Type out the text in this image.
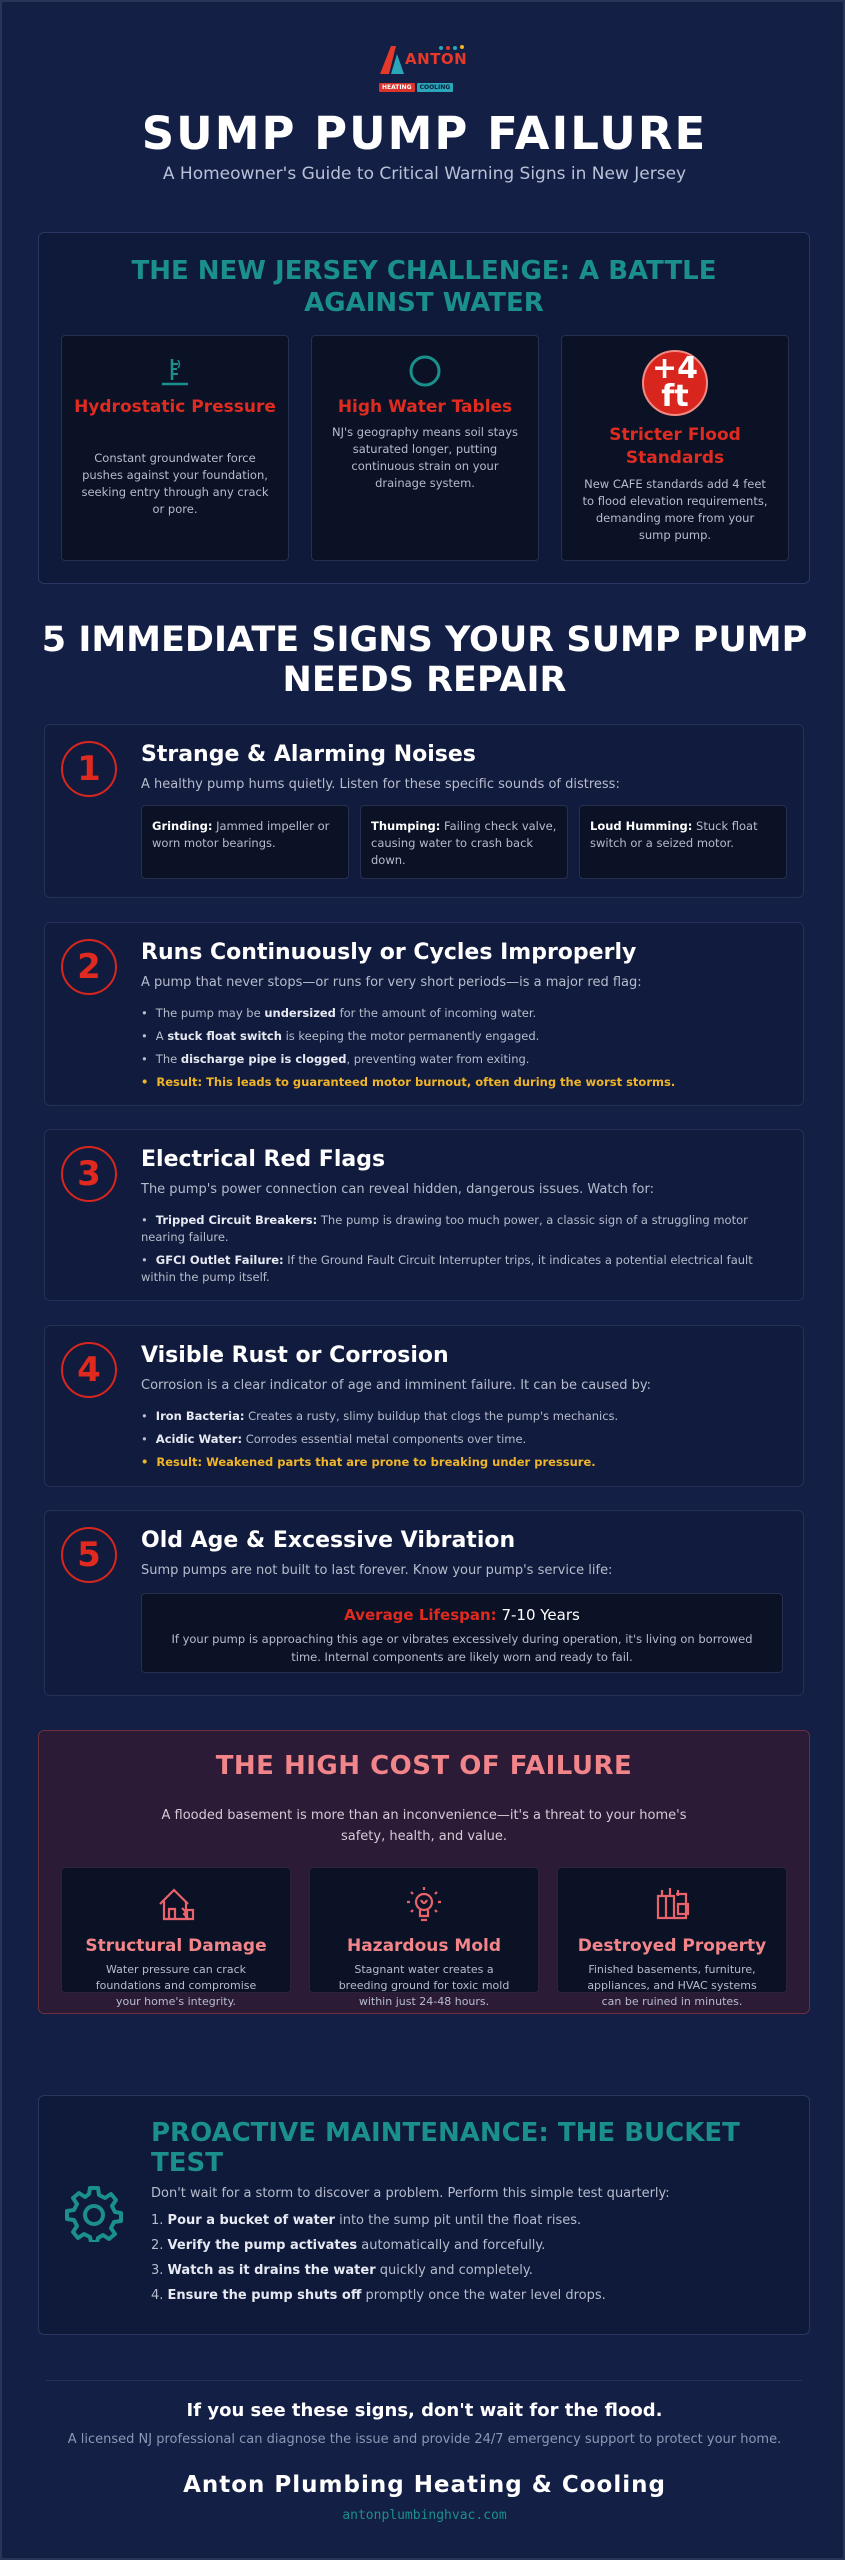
ANTON
HEATING	COOLING
SUMP PUMP FAILURE
A Homeowner's Guide to Critical Warning Signs in New Jersey
THE NEW JERSEY CHALLENGE: A BATTLE AGAINST WATER
Hydrostatic Pressure
Constant groundwater force pushes against your foundation, seeking entry through any crack or pore.
High Water Tables
NJ's geography means soil stays saturated longer, putting continuous strain on your drainage system.
+4
ft
Stricter Flood Standards
New CAFE standards add 4 feet to flood elevation requirements, demanding more from your sump pump.
5 IMMEDIATE SIGNS YOUR SUMP PUMP NEEDS REPAIR
1	Strange & Alarming Noises
A healthy pump hums quietly. Listen for these specific sounds of distress:
Grinding: Jammed impeller or worn motor bearings.
Thumping: Failing check valve, causing water to crash back down.
Loud Humming: Stuck float switch or a seized motor.
2	Runs Continuously or Cycles Improperly
A pump that never stops—or runs for very short periods—is a major red flag:
• The pump may be undersized for the amount of incoming water.
• A stuck float switch is keeping the motor permanently engaged.
• The discharge pipe is clogged, preventing water from exiting.
• Result: This leads to guaranteed motor burnout, often during the worst storms.
3	Electrical Red Flags
The pump's power connection can reveal hidden, dangerous issues. Watch for:
• Tripped Circuit Breakers: The pump is drawing too much power, a classic sign of a struggling motor nearing failure.
• GFCI Outlet Failure: If the Ground Fault Circuit Interrupter trips, it indicates a potential electrical fault within the pump itself.
4	Visible Rust or Corrosion
Corrosion is a clear indicator of age and imminent failure. It can be caused by:
• Iron Bacteria: Creates a rusty, slimy buildup that clogs the pump's mechanics.
• Acidic Water: Corrodes essential metal components over time.
• Result: Weakened parts that are prone to breaking under pressure.
5	Old Age & Excessive Vibration
Sump pumps are not built to last forever. Know your pump's service life:
Average Lifespan: 7-10 Years
If your pump is approaching this age or vibrates excessively during operation, it's living on borrowed time. Internal components are likely worn and ready to fail.
THE HIGH COST OF FAILURE
A flooded basement is more than an inconvenience—it's a threat to your home's safety, health, and value.
Structural Damage
Water pressure can crack foundations and compromise your home's integrity.
Hazardous Mold
Stagnant water creates a breeding ground for toxic mold within just 24-48 hours.
Destroyed Property
Finished basements, furniture, appliances, and HVAC systems can be ruined in minutes.
PROACTIVE MAINTENANCE: THE BUCKET TEST
Don't wait for a storm to discover a problem. Perform this simple test quarterly:
1. Pour a bucket of water into the sump pit until the float rises.
2. Verify the pump activates automatically and forcefully.
3. Watch as it drains the water quickly and completely.
4. Ensure the pump shuts off promptly once the water level drops.
If you see these signs, don't wait for the flood.
A licensed NJ professional can diagnose the issue and provide 24/7 emergency support to protect your home.
Anton Plumbing Heating & Cooling
antonplumbinghvac.com
